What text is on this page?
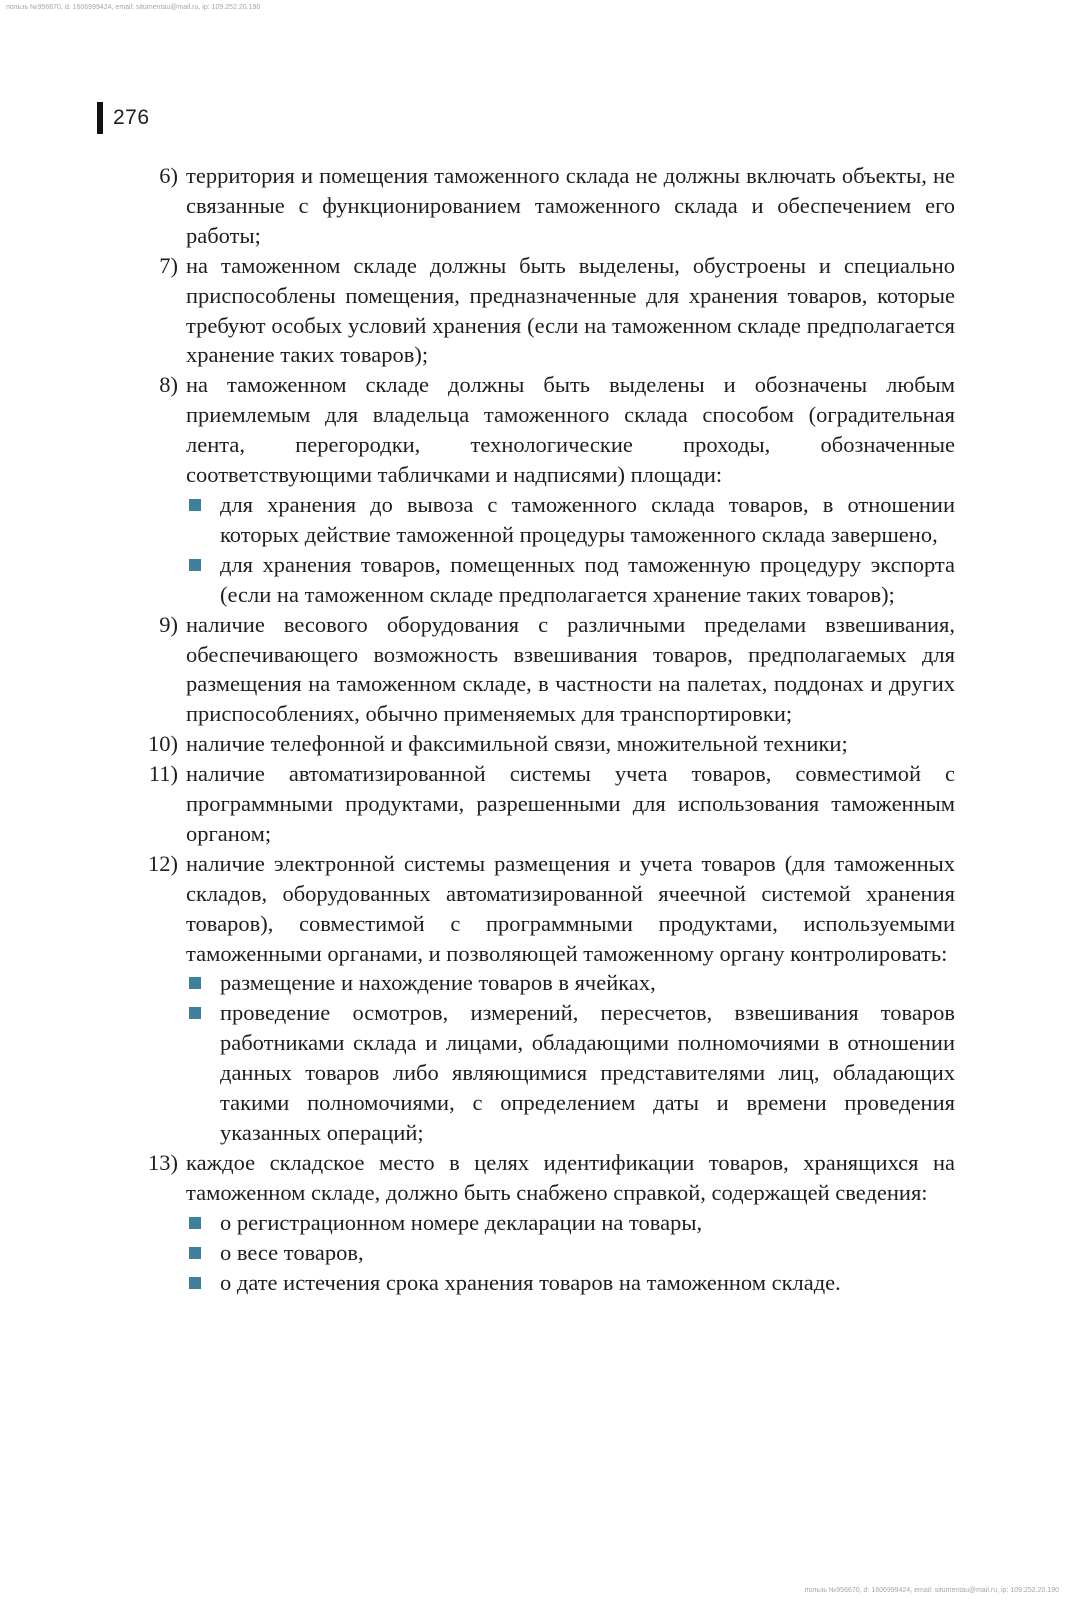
пользь №956670, d: 1606999424, email: situmentau@mail.ru, ip: 109.252.20.190
276
6) территория и помещения таможенного склада не должны включать объекты, не связанные с функционированием таможенного склада и обеспечением его работы;
7) на таможенном складе должны быть выделены, обустроены и специально приспособлены помещения, предназначенные для хранения товаров, которые требуют особых условий хранения (если на таможенном складе предполагается хранение таких товаров);
8) на таможенном складе должны быть выделены и обозначены любым приемлемым для владельца таможенного склада способом (оградительная лента, перегородки, технологические проходы, обозначенные соответствующими табличками и надписями) площади:
для хранения до вывоза с таможенного склада товаров, в отношении которых действие таможенной процедуры таможенного склада завершено,
для хранения товаров, помещенных под таможенную процедуру экспорта (если на таможенном складе предполагается хранение таких товаров);
9) наличие весового оборудования с различными пределами взвешивания, обеспечивающего возможность взвешивания товаров, предполагаемых для размещения на таможенном складе, в частности на палетах, поддонах и других приспособлениях, обычно применяемых для транспортировки;
10) наличие телефонной и факсимильной связи, множительной техники;
11) наличие автоматизированной системы учета товаров, совместимой с программными продуктами, разрешенными для использования таможенным органом;
12) наличие электронной системы размещения и учета товаров (для таможенных складов, оборудованных автоматизированной ячеечной системой хранения товаров), совместимой с программными продуктами, используемыми таможенными органами, и позволяющей таможенному органу контролировать:
размещение и нахождение товаров в ячейках,
проведение осмотров, измерений, пересчетов, взвешивания товаров работниками склада и лицами, обладающими полномочиями в отношении данных товаров либо являющимися представителями лиц, обладающих такими полномочиями, с определением даты и времени проведения указанных операций;
13) каждое складское место в целях идентификации товаров, хранящихся на таможенном складе, должно быть снабжено справкой, содержащей сведения:
о регистрационном номере декларации на товары,
о весе товаров,
о дате истечения срока хранения товаров на таможенном складе.
пользь №956670, d: 1606999424, email: situmentau@mail.ru, ip: 109.252.20.190
